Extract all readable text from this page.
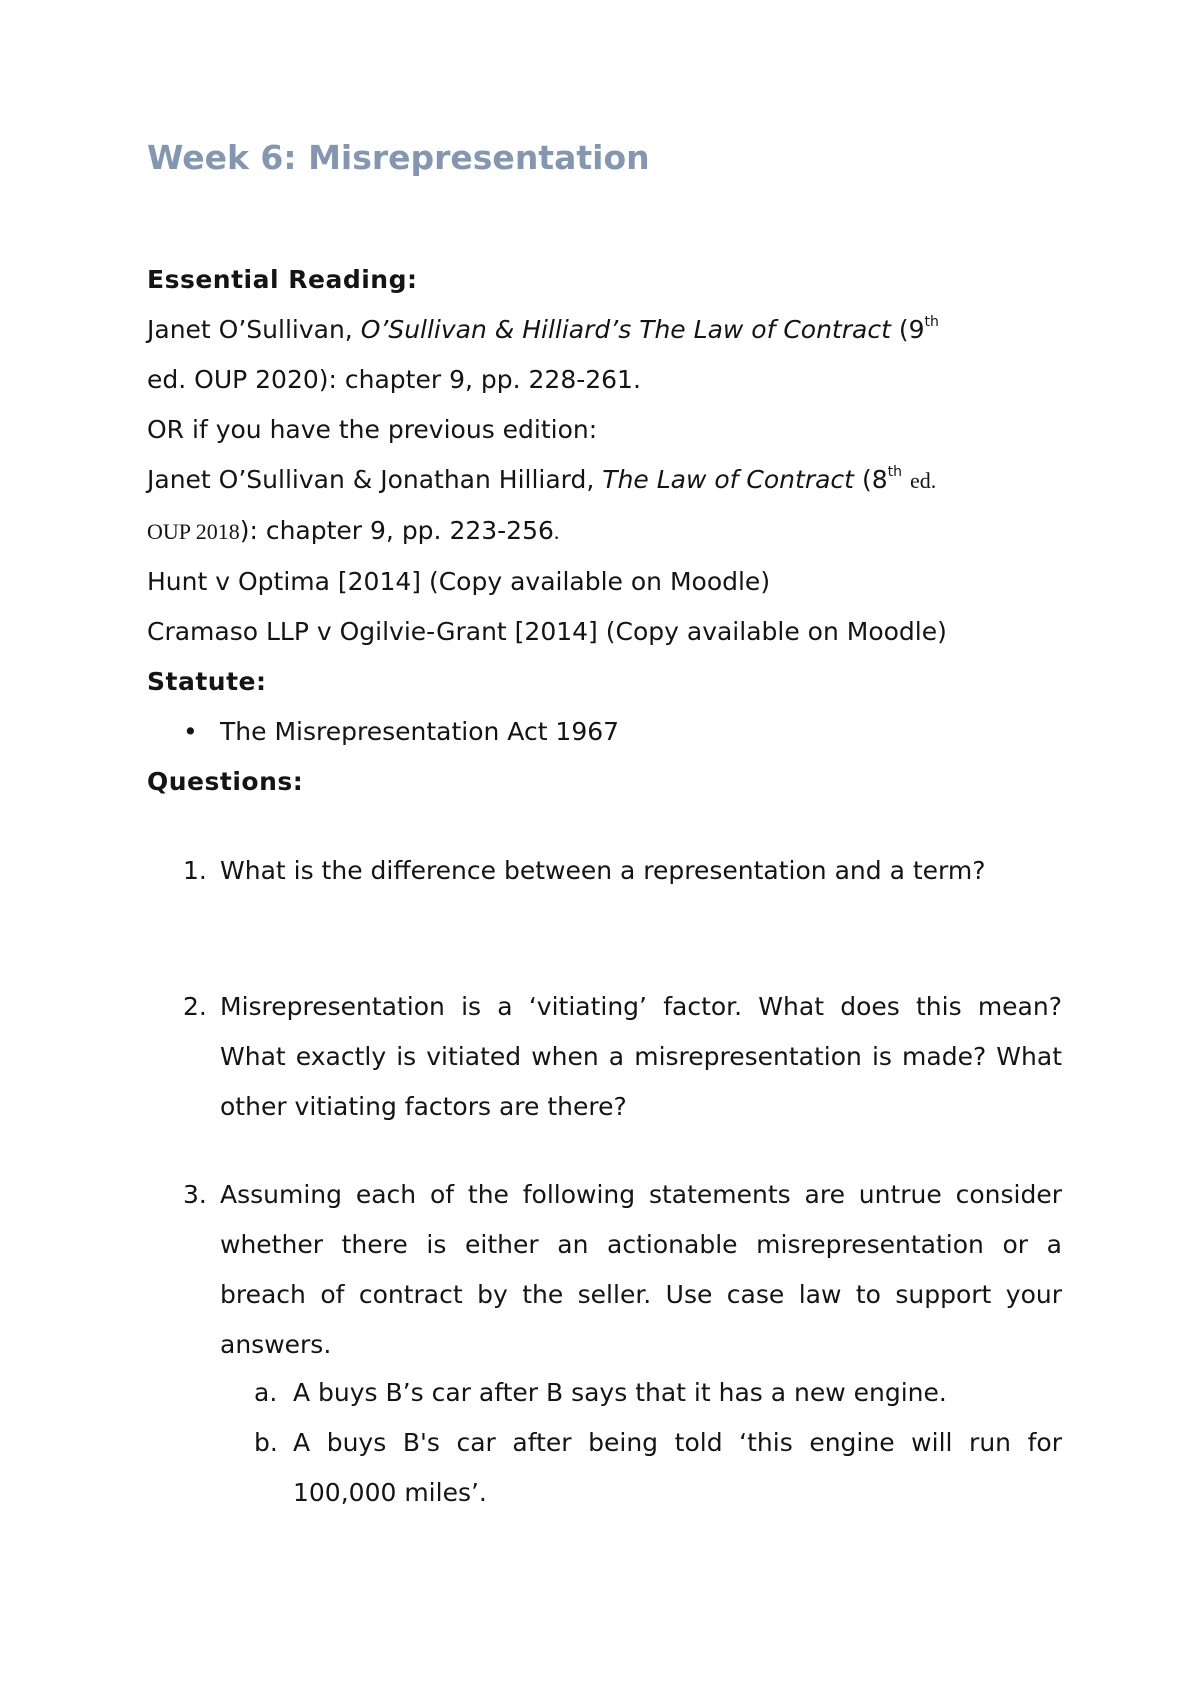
Week 6: Misrepresentation
Essential Reading:
Janet O’Sullivan, O’Sullivan & Hilliard’s The Law of Contract (9th
ed. OUP 2020): chapter 9, pp. 228-261.
OR if you have the previous edition:
Janet O’Sullivan & Jonathan Hilliard, The Law of Contract (8th ed.
OUP 2018): chapter 9, pp. 223-256.
Hunt v Optima [2014] (Copy available on Moodle)
Cramaso LLP v Ogilvie-Grant [2014] (Copy available on Moodle)
Statute:
• The Misrepresentation Act 1967
Questions:
1. What is the difference between a representation and a term?
2. Misrepresentation is a ‘vitiating’ factor. What does this mean? What exactly is vitiated when a misrepresentation is made? What other vitiating factors are there?
3. Assuming each of the following statements are untrue consider whether there is either an actionable misrepresentation or a breach of contract by the seller. Use case law to support your answers.
a. A buys B’s car after B says that it has a new engine.
b. A buys B's car after being told ‘this engine will run for 100,000 miles’.
